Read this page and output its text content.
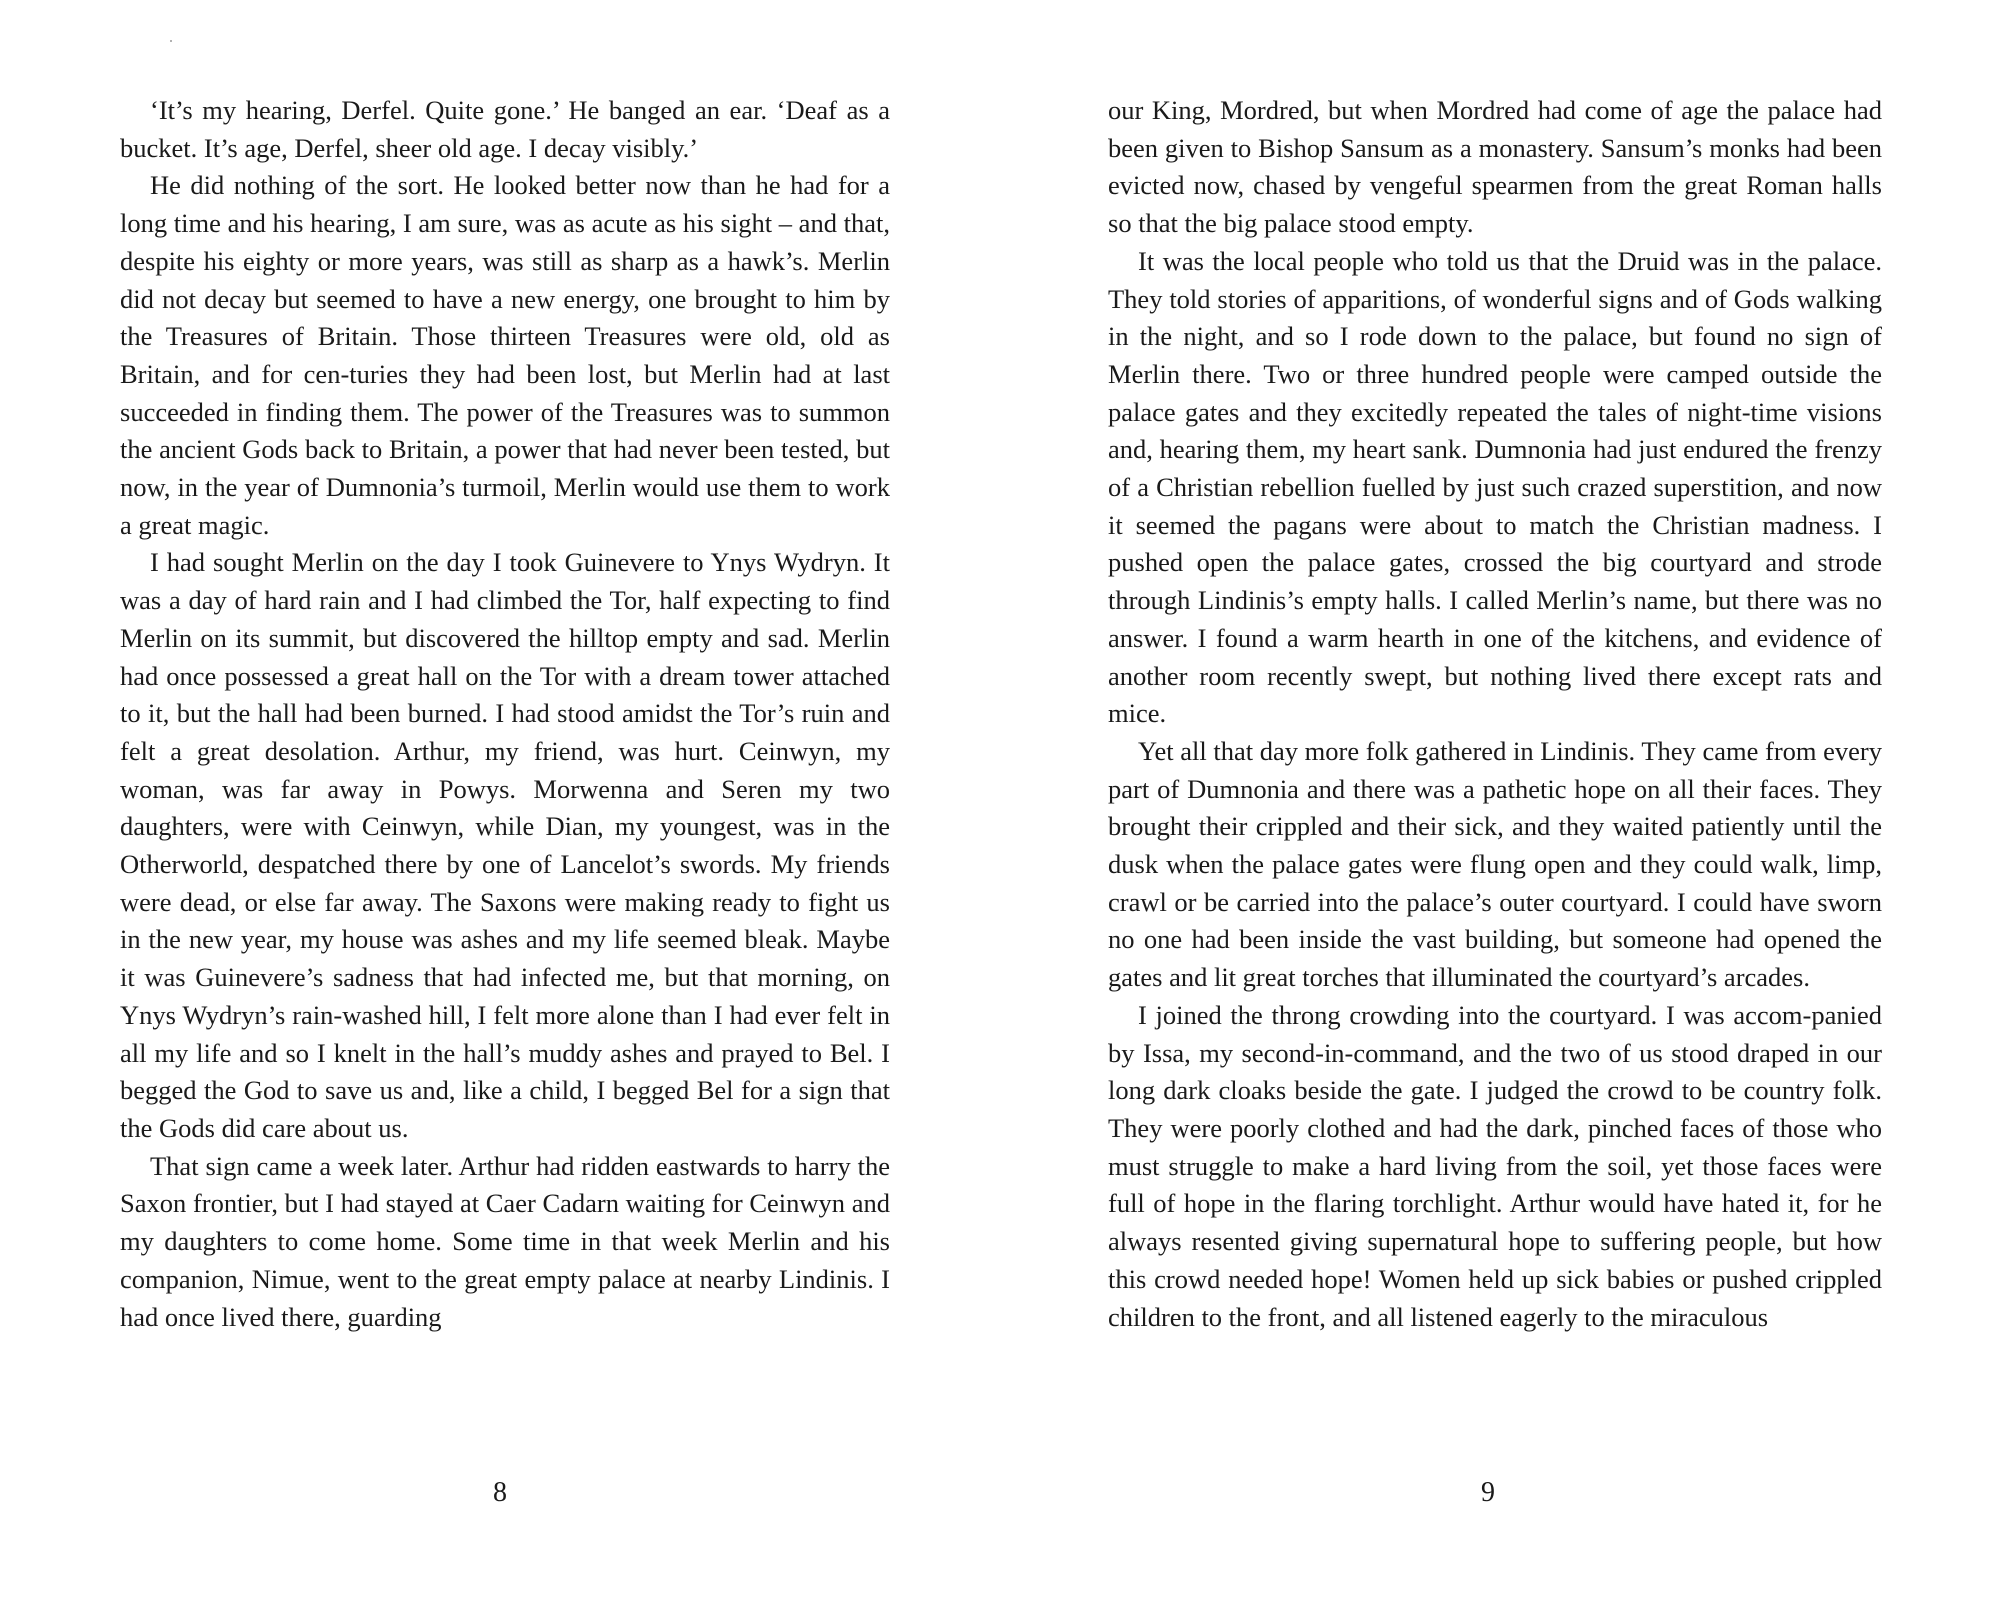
‘It’s my hearing, Derfel. Quite gone.’ He banged an ear. ‘Deaf as a bucket. It’s age, Derfel, sheer old age. I decay visibly.’

He did nothing of the sort. He looked better now than he had for a long time and his hearing, I am sure, was as acute as his sight – and that, despite his eighty or more years, was still as sharp as a hawk’s. Merlin did not decay but seemed to have a new energy, one brought to him by the Treasures of Britain. Those thirteen Treasures were old, old as Britain, and for cen-turies they had been lost, but Merlin had at last succeeded in finding them. The power of the Treasures was to summon the ancient Gods back to Britain, a power that had never been tested, but now, in the year of Dumnonia’s turmoil, Merlin would use them to work a great magic.

I had sought Merlin on the day I took Guinevere to Ynys Wydryn. It was a day of hard rain and I had climbed the Tor, half expecting to find Merlin on its summit, but discovered the hilltop empty and sad. Merlin had once possessed a great hall on the Tor with a dream tower attached to it, but the hall had been burned. I had stood amidst the Tor’s ruin and felt a great desolation. Arthur, my friend, was hurt. Ceinwyn, my woman, was far away in Powys. Morwenna and Seren my two daughters, were with Ceinwyn, while Dian, my youngest, was in the Otherworld, despatched there by one of Lancelot’s swords. My friends were dead, or else far away. The Saxons were making ready to fight us in the new year, my house was ashes and my life seemed bleak. Maybe it was Guinevere’s sadness that had infected me, but that morning, on Ynys Wydryn’s rain-washed hill, I felt more alone than I had ever felt in all my life and so I knelt in the hall’s muddy ashes and prayed to Bel. I begged the God to save us and, like a child, I begged Bel for a sign that the Gods did care about us.

That sign came a week later. Arthur had ridden eastwards to harry the Saxon frontier, but I had stayed at Caer Cadarn waiting for Ceinwyn and my daughters to come home. Some time in that week Merlin and his companion, Nimue, went to the great empty palace at nearby Lindinis. I had once lived there, guarding

8

our King, Mordred, but when Mordred had come of age the palace had been given to Bishop Sansum as a monastery. Sansum’s monks had been evicted now, chased by vengeful spearmen from the great Roman halls so that the big palace stood empty.

It was the local people who told us that the Druid was in the palace. They told stories of apparitions, of wonderful signs and of Gods walking in the night, and so I rode down to the palace, but found no sign of Merlin there. Two or three hundred people were camped outside the palace gates and they excitedly repeated the tales of night-time visions and, hearing them, my heart sank. Dumnonia had just endured the frenzy of a Christian rebellion fuelled by just such crazed superstition, and now it seemed the pagans were about to match the Christian madness. I pushed open the palace gates, crossed the big courtyard and strode through Lindinis’s empty halls. I called Merlin’s name, but there was no answer. I found a warm hearth in one of the kitchens, and evidence of another room recently swept, but nothing lived there except rats and mice.

Yet all that day more folk gathered in Lindinis. They came from every part of Dumnonia and there was a pathetic hope on all their faces. They brought their crippled and their sick, and they waited patiently until the dusk when the palace gates were flung open and they could walk, limp, crawl or be carried into the palace’s outer courtyard. I could have sworn no one had been inside the vast building, but someone had opened the gates and lit great torches that illuminated the courtyard’s arcades.

I joined the throng crowding into the courtyard. I was accom-panied by Issa, my second-in-command, and the two of us stood draped in our long dark cloaks beside the gate. I judged the crowd to be country folk. They were poorly clothed and had the dark, pinched faces of those who must struggle to make a hard living from the soil, yet those faces were full of hope in the flaring torchlight. Arthur would have hated it, for he always resented giving supernatural hope to suffering people, but how this crowd needed hope! Women held up sick babies or pushed crippled children to the front, and all listened eagerly to the miraculous

9
